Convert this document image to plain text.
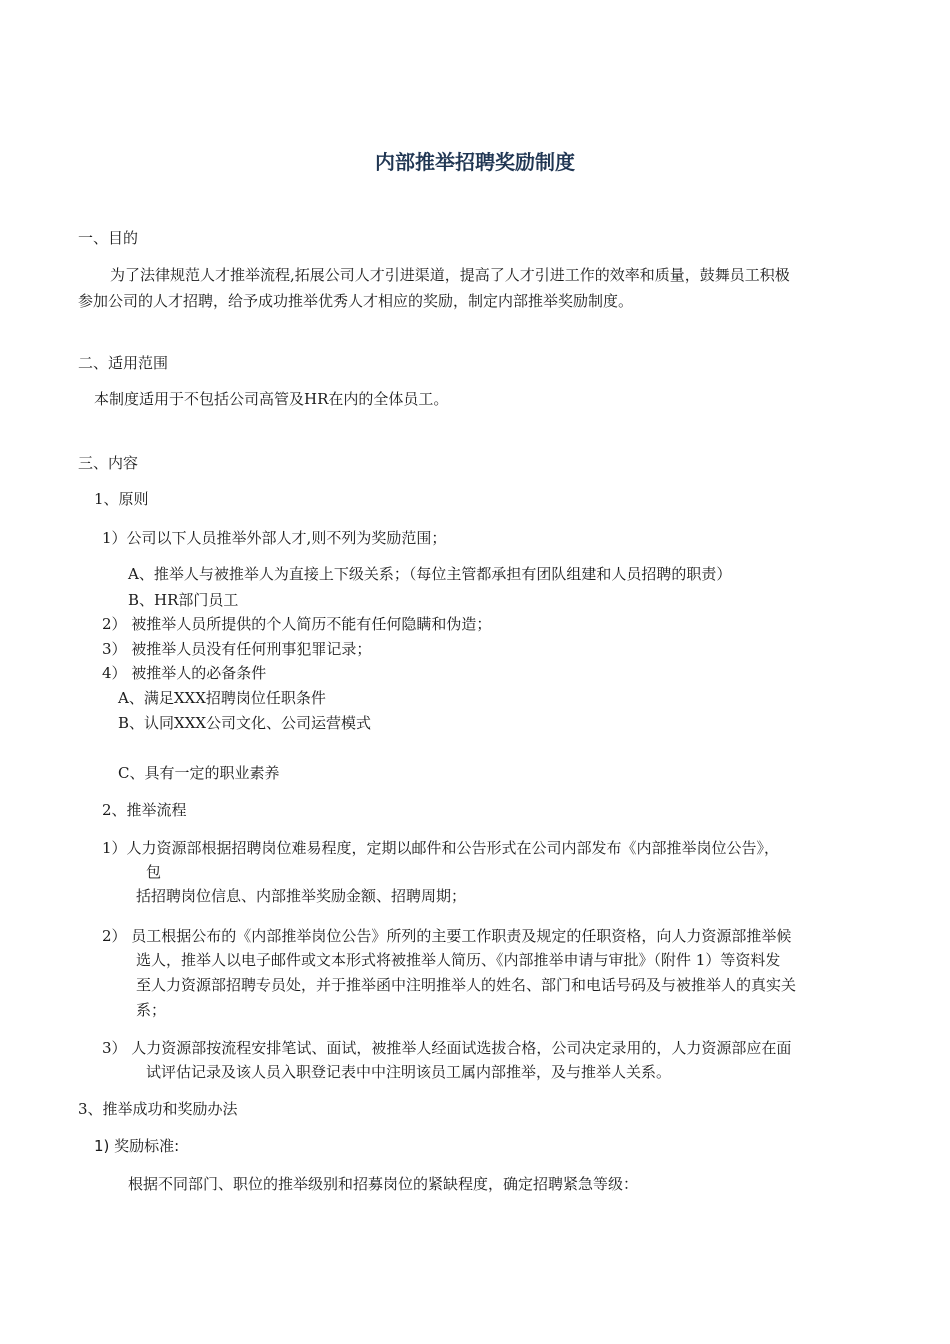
内部推举招聘奖励制度
一、目的
为了法律规范人才推举流程,拓展公司人才引进渠道，提高了人才引进工作的效率和质量，鼓舞员工积极
参加公司的人才招聘，给予成功推举优秀人才相应的奖励，制定内部推举奖励制度。
二、适用范围
本制度适用于不包括公司高管及HR在内的全体员工。
三、内容
1、原则
1）公司以下人员推举外部人才,则不列为奖励范围；
A、推举人与被推举人为直接上下级关系；（每位主管都承担有团队组建和人员招聘的职责）
B、HR部门员工
2） 被推举人员所提供的个人简历不能有任何隐瞒和伪造；
3） 被推举人员没有任何刑事犯罪记录；
4） 被推举人的必备条件
A、满足XXX招聘岗位任职条件
B、认同XXX公司文化、公司运营模式
C、具有一定的职业素养
2、推举流程
1）人力资源部根据招聘岗位难易程度，定期以邮件和公告形式在公司内部发布《内部推举岗位公告》，
包
括招聘岗位信息、内部推举奖励金额、招聘周期；
2） 员工根据公布的《内部推举岗位公告》所列的主要工作职责及规定的任职资格，向人力资源部推举候
选人，推举人以电子邮件或文本形式将被推举人简历、《内部推举申请与审批》（附件 1）等资料发
至人力资源部招聘专员处，并于推举函中注明推举人的姓名、部门和电话号码及与被推举人的真实关
系；
3） 人力资源部按流程安排笔试、面试，被推举人经面试选拔合格，公司决定录用的，人力资源部应在面
试评估记录及该人员入职登记表中中注明该员工属内部推举，及与推举人关系。
3、推举成功和奖励办法
1) 奖励标准:
根据不同部门、职位的推举级别和招募岗位的紧缺程度，确定招聘紧急等级：
